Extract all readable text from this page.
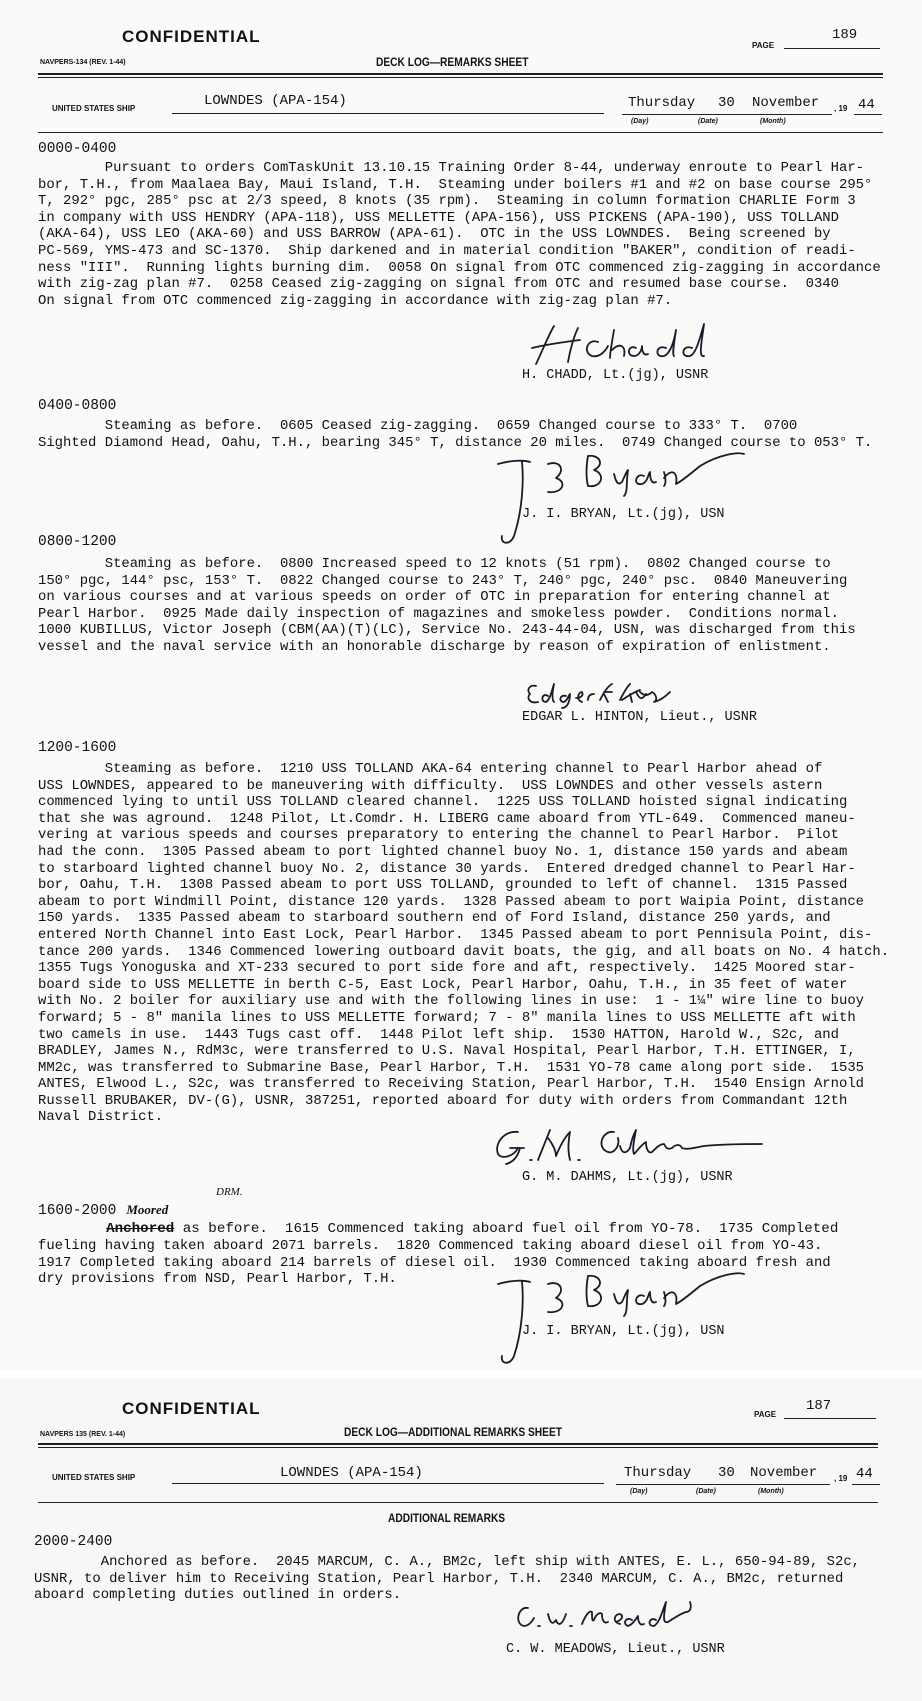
CONFIDENTIAL	PAGE
189
NAVPERS-134 (REV. 1-44)	DECK LOG—REMARKS SHEET
UNITED STATES SHIP	LOWNDES (APA-154)	Thursday 30 November , 19 44
(Day)	(Date)	(Month)
0000-0400
Pursuant to orders ComTaskUnit 13.10.15 Training Order 8-44, underway enroute to Pearl Har-
bor, T.H., from Maalaea Bay, Maui Island, T.H.  Steaming under boilers #1 and #2 on base course 295°
T, 292° pgc, 285° psc at 2/3 speed, 8 knots (35 rpm).  Steaming in column formation CHARLIE Form 3
in company with USS HENDRY (APA-118), USS MELLETTE (APA-156), USS PICKENS (APA-190), USS TOLLAND
(AKA-64), USS LEO (AKA-60) and USS BARROW (APA-61).  OTC in the USS LOWNDES.  Being screened by
PC-569, YMS-473 and SC-1370.  Ship darkened and in material condition "BAKER", condition of readi-
ness "III".  Running lights burning dim.  0058 On signal from OTC commenced zig-zagging in accordance
with zig-zag plan #7.  0258 Ceased zig-zagging on signal from OTC and resumed base course.  0340
On signal from OTC commenced zig-zagging in accordance with zig-zag plan #7.
H. CHADD, Lt.(jg), USNR
0400-0800
Steaming as before.  0605 Ceased zig-zagging.  0659 Changed course to 333° T.  0700
Sighted Diamond Head, Oahu, T.H., bearing 345° T, distance 20 miles.  0749 Changed course to 053° T.
J. I. BRYAN, Lt.(jg), USN
0800-1200
Steaming as before.  0800 Increased speed to 12 knots (51 rpm).  0802 Changed course to
150° pgc, 144° psc, 153° T.  0822 Changed course to 243° T, 240° pgc, 240° psc.  0840 Maneuvering
on various courses and at various speeds on order of OTC in preparation for entering channel at
Pearl Harbor.  0925 Made daily inspection of magazines and smokeless powder.  Conditions normal.
1000 KUBILLUS, Victor Joseph (CBM(AA)(T)(LC), Service No. 243-44-04, USN, was discharged from this
vessel and the naval service with an honorable discharge by reason of expiration of enlistment.
EDGAR L. HINTON, Lieut., USNR
1200-1600
Steaming as before.  1210 USS TOLLAND AKA-64 entering channel to Pearl Harbor ahead of
USS LOWNDES, appeared to be maneuvering with difficulty.  USS LOWNDES and other vessels astern
commenced lying to until USS TOLLAND cleared channel.  1225 USS TOLLAND hoisted signal indicating
that she was aground.  1248 Pilot, Lt.Comdr. H. LIBERG came aboard from YTL-649.  Commenced maneu-
vering at various speeds and courses preparatory to entering the channel to Pearl Harbor.  Pilot
had the conn.  1305 Passed abeam to port lighted channel buoy No. 1, distance 150 yards and abeam
to starboard lighted channel buoy No. 2, distance 30 yards.  Entered dredged channel to Pearl Har-
bor, Oahu, T.H.  1308 Passed abeam to port USS TOLLAND, grounded to left of channel.  1315 Passed
abeam to port Windmill Point, distance 120 yards.  1328 Passed abeam to port Waipia Point, distance
150 yards.  1335 Passed abeam to starboard southern end of Ford Island, distance 250 yards, and
entered North Channel into East Lock, Pearl Harbor.  1345 Passed abeam to port Pennisula Point, dis-
tance 200 yards.  1346 Commenced lowering outboard davit boats, the gig, and all boats on No. 4 hatch.
1355 Tugs Yonoguska and XT-233 secured to port side fore and aft, respectively.  1425 Moored star-
board side to USS MELLETTE in berth C-5, East Lock, Pearl Harbor, Oahu, T.H., in 35 feet of water
with No. 2 boiler for auxiliary use and with the following lines in use:  1 - 1¼" wire line to buoy
forward; 5 - 8" manila lines to USS MELLETTE forward; 7 - 8" manila lines to USS MELLETTE aft with
two camels in use.  1443 Tugs cast off.  1448 Pilot left ship.  1530 HATTON, Harold W., S2c, and
BRADLEY, James N., RdM3c, were transferred to U.S. Naval Hospital, Pearl Harbor, T.H. ETTINGER, I,
MM2c, was transferred to Submarine Base, Pearl Harbor, T.H.  1531 YO-78 came along port side.  1535
ANTES, Elwood L., S2c, was transferred to Receiving Station, Pearl Harbor, T.H.  1540 Ensign Arnold
Russell BRUBAKER, DV-(G), USNR, 387251, reported aboard for duty with orders from Commandant 12th
Naval District.
G. M. DAHMS, Lt.(jg), USNR
1600-2000 Moored
DRM.
Anchored as before.  1615 Commenced taking aboard fuel oil from YO-78.  1735 Completed
fueling having taken aboard 2071 barrels.  1820 Commenced taking aboard diesel oil from YO-43.
1917 Completed taking aboard 214 barrels of diesel oil.  1930 Commenced taking aboard fresh and
dry provisions from NSD, Pearl Harbor, T.H.
J. I. BRYAN, Lt.(jg), USN
CONFIDENTIAL	PAGE
187
NAVPERS 135 (REV. 1-44)	DECK LOG—ADDITIONAL REMARKS SHEET
UNITED STATES SHIP	LOWNDES (APA-154)	Thursday 30 November , 19 44
(Day)	(Date)	(Month)
ADDITIONAL REMARKS
2000-2400
Anchored as before.  2045 MARCUM, C. A., BM2c, left ship with ANTES, E. L., 650-94-89, S2c,
USNR, to deliver him to Receiving Station, Pearl Harbor, T.H.  2340 MARCUM, C. A., BM2c, returned
aboard completing duties outlined in orders.
C. W. MEADOWS, Lieut., USNR
